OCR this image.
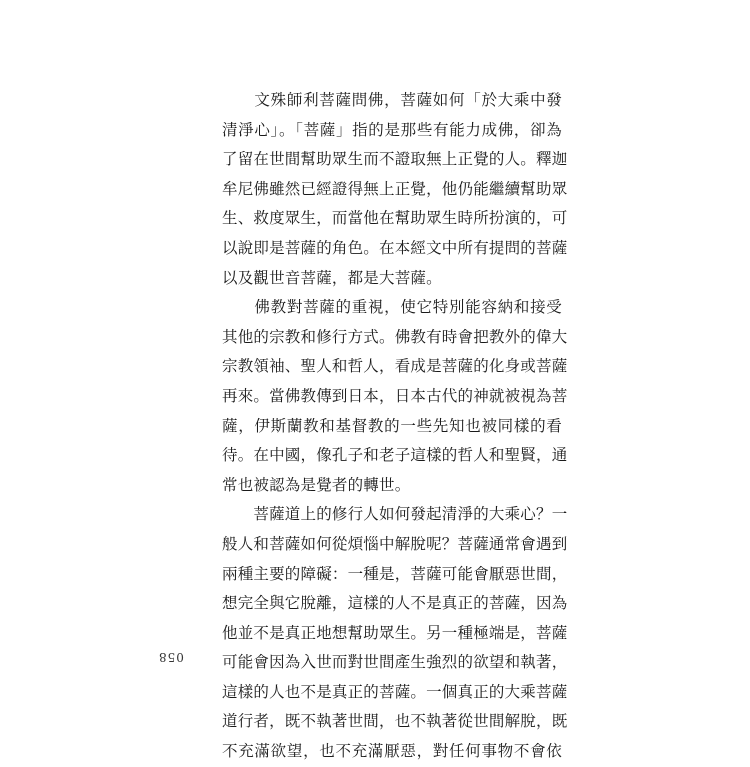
　　文殊師利菩薩問佛，菩薩如何「於大乘中發
清淨心」。「菩薩」指的是那些有能力成佛，卻為
了留在世間幫助眾生而不證取無上正覺的人。釋迦
牟尼佛雖然已經證得無上正覺，他仍能繼續幫助眾
生、救度眾生，而當他在幫助眾生時所扮演的，可
以說即是菩薩的角色。在本經文中所有提問的菩薩
以及觀世音菩薩，都是大菩薩。
　　佛教對菩薩的重視，使它特別能容納和接受
其他的宗教和修行方式。佛教有時會把教外的偉大
宗教領袖、聖人和哲人，看成是菩薩的化身或菩薩
再來。當佛教傳到日本，日本古代的神就被視為菩
薩，伊斯蘭教和基督教的一些先知也被同樣的看
待。在中國，像孔子和老子這樣的哲人和聖賢，通
常也被認為是覺者的轉世。
　　菩薩道上的修行人如何發起清淨的大乘心？一
般人和菩薩如何從煩惱中解脫呢？菩薩通常會遇到
兩種主要的障礙：一種是，菩薩可能會厭惡世間，
想完全與它脫離，這樣的人不是真正的菩薩，因為
他並不是真正地想幫助眾生。另一種極端是，菩薩
可能會因為入世而對世間產生強烈的欲望和執著，
這樣的人也不是真正的菩薩。一個真正的大乘菩薩
道行者，既不執著世間，也不執著從世間解脫，既
不充滿欲望，也不充滿厭惡，對任何事物不會依
058
